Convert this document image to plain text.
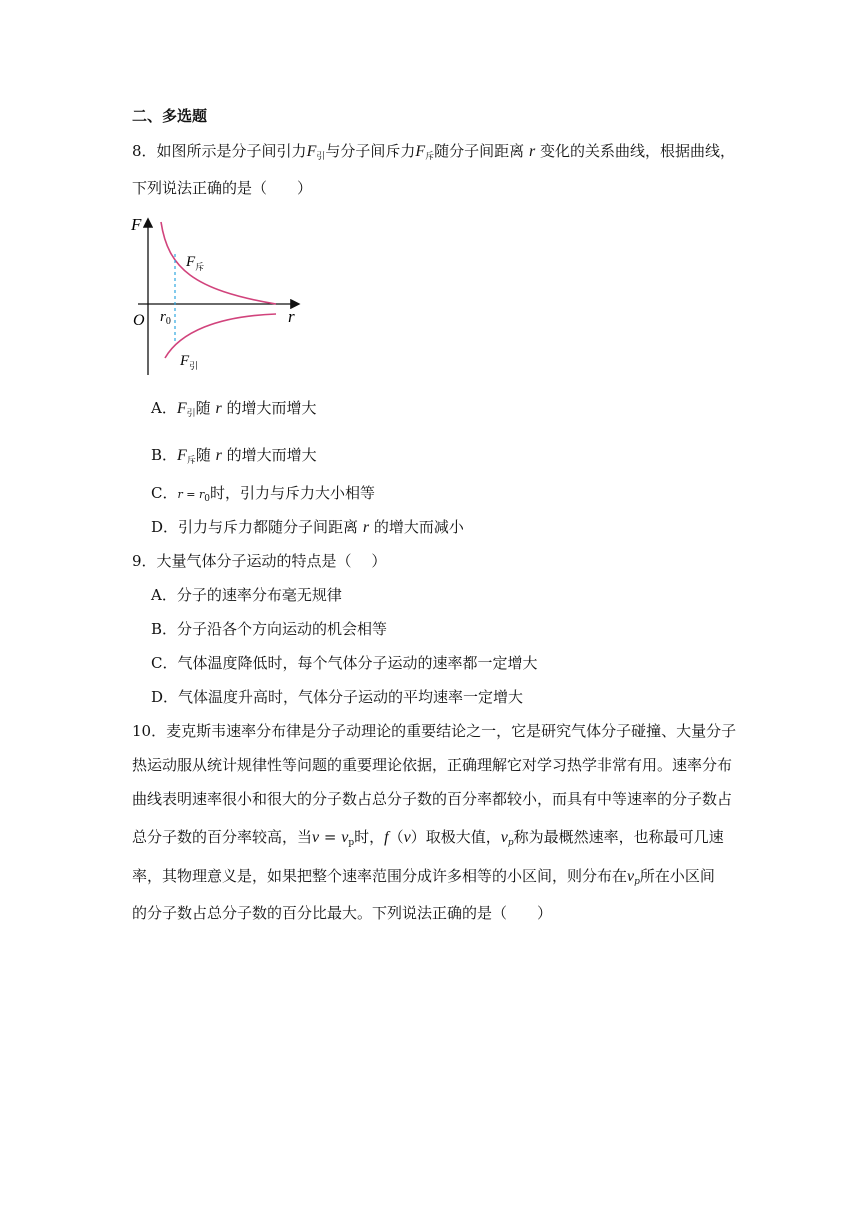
二、多选题
8．如图所示是分子间引力$F_引$与分子间斥力$F_斥$随分子间距离 r 变化的关系曲线，根据曲线，
下列说法正确的是（　　）
F
r
O $r_0$
$F_斥$
$F_引$
A．$F_引$随 r 的增大而增大
B．$F_斥$随 r 的增大而增大
C．$r = r_0$时，引力与斥力大小相等
D．引力与斥力都随分子间距离 r 的增大而减小
9．大量气体分子运动的特点是（　 ）
A．分子的速率分布毫无规律
B．分子沿各个方向运动的机会相等
C．气体温度降低时，每个气体分子运动的速率都一定增大
D．气体温度升高时，气体分子运动的平均速率一定增大
10．麦克斯韦速率分布律是分子动理论的重要结论之一，它是研究气体分子碰撞、大量分子
热运动服从统计规律性等问题的重要理论依据，正确理解它对学习热学非常有用。速率分布
曲线表明速率很小和很大的分子数占总分子数的百分率都较小，而具有中等速率的分子数占
总分子数的百分率较高，当$v = v_p$时，f（v）取极大值，$v_p$称为最概然速率，也称最可几速
率，其物理意义是，如果把整个速率范围分成许多相等的小区间，则分布在$v_p$所在小区间
的分子数占总分子数的百分比最大。下列说法正确的是（　　）
